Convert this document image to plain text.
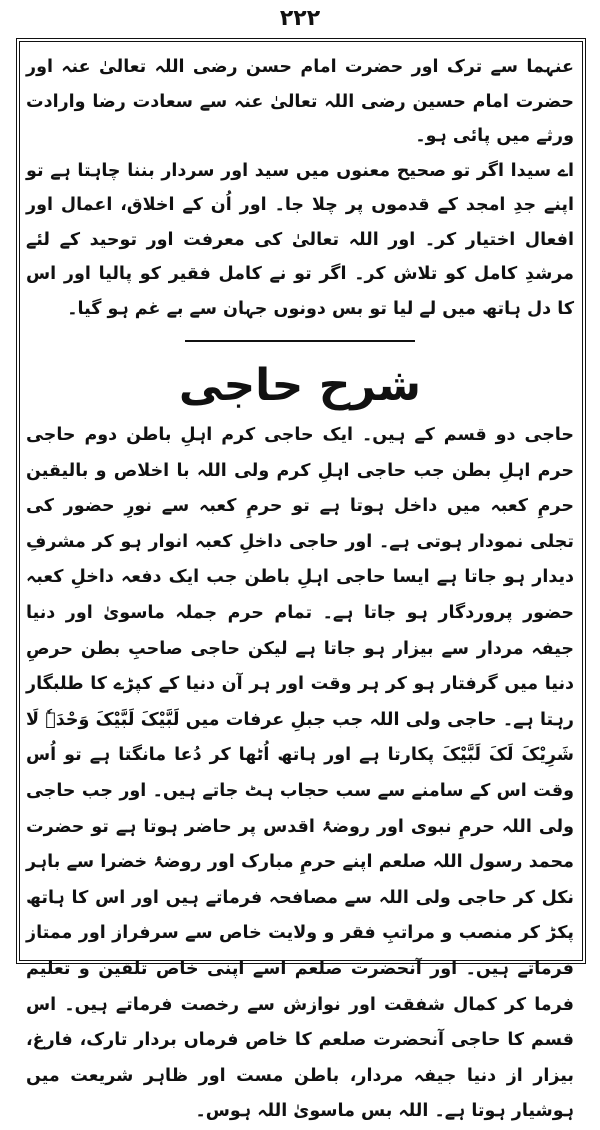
۲۲۲

عنہما سے ترک اور حضرت امام حسن رضی اللہ تعالیٰ عنہ اور حضرت امام حسین رضی اللہ تعالیٰ عنہ سے سعادت رضا وارادت ورثے میں پائی ہو۔

اے سیدا اگر تو صحیح معنوں میں سید اور سردار بننا چاہتا ہے تو اپنے جدِ امجد کے قدموں پر چلا جا۔ اور اُن کے اخلاق، اعمال اور افعال اختیار کر۔ اور اللہ تعالیٰ کی معرفت اور توحید کے لئے مرشدِ کامل کو تلاش کر۔ اگر تو نے کامل فقیر کو پالیا اور اس کا دل ہاتھ میں لے لیا تو بس دونوں جہان سے بے غم ہو گیا۔

شرح حاجی

حاجی دو قسم کے ہیں۔ ایک حاجی کرم اہلِ باطن دوم حاجی حرم اہلِ بطن جب حاجی اہلِ کرم ولی اللہ با اخلاص و بالیقین حرمِ کعبہ میں داخل ہوتا ہے تو حرمِ کعبہ سے نورِ حضور کی تجلی نمودار ہوتی ہے۔ اور حاجی داخلِ کعبہ انوار ہو کر مشرفِ دیدار ہو جاتا ہے ایسا حاجی اہلِ باطن جب ایک دفعہ داخلِ کعبہ حضور پروردگار ہو جاتا ہے۔ تمام حرم جملہ ماسویٰ اور دنیا جیفہ مردار سے بیزار ہو جاتا ہے لیکن حاجی صاحبِ بطن حرصِ دنیا میں گرفتار ہو کر ہر وقت اور ہر آن دنیا کے کپڑے کا طلبگار رہتا ہے۔ حاجی ولی اللہ جب جبلِ عرفات میں لَبَّیْکَ لَبَّیْکَ وَحْدَہٗ لَا شَرِیْکَ لَکَ لَبَّیْکَ پکارتا ہے اور ہاتھ اُٹھا کر دُعا مانگتا ہے تو اُس وقت اس کے سامنے سے سب حجاب ہٹ جاتے ہیں۔ اور جب حاجی ولی اللہ حرمِ نبوی اور روضۂ اقدس پر حاضر ہوتا ہے تو حضرت محمد رسول اللہ صلعم اپنے حرمِ مبارک اور روضۂ خضرا سے باہر نکل کر حاجی ولی اللہ سے مصافحہ فرماتے ہیں اور اس کا ہاتھ پکڑ کر منصب و مراتبِ فقر و ولایت خاص سے سرفراز اور ممتاز فرماتے ہیں۔ اور آنحضرت صلعم اسے اپنی خاص تلقین و تعلیم فرما کر کمال شفقت اور نوازش سے رخصت فرماتے ہیں۔ اس قسم کا حاجی آنحضرت صلعم کا خاص فرماں بردار تارک، فارغ، بیزار از دنیا جیفہ مردار، باطن مست اور ظاہر شریعت میں ہوشیار ہوتا ہے۔ اللہ بس ماسویٰ اللہ ہوس۔
